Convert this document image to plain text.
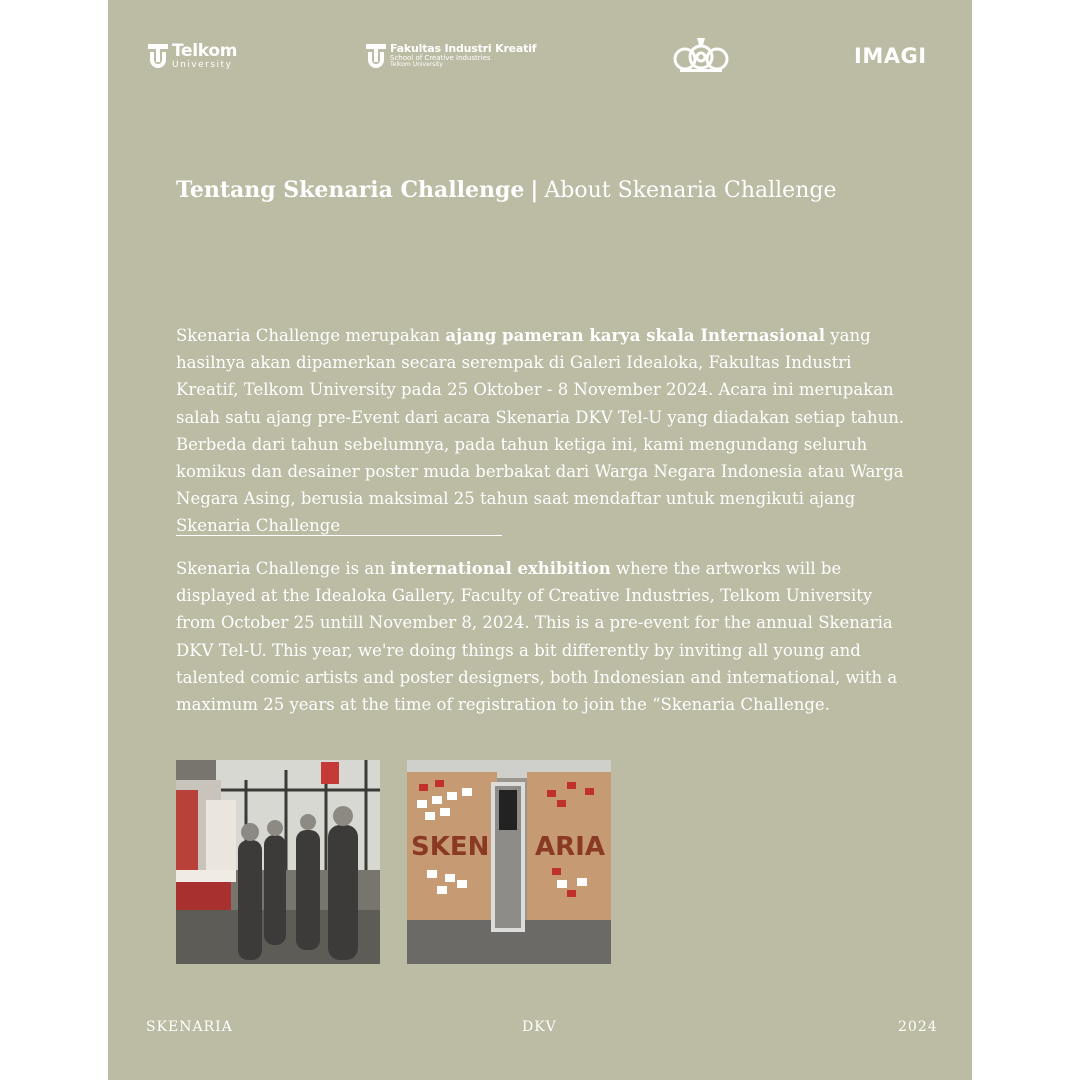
Telkom
University
Fakultas Industri Kreatif
School of Creative Industries
Telkom University	IMAGI
Tentang Skenaria Challenge | About Skenaria Challenge

Skenaria Challenge merupakan ajang pameran karya skala Internasional yang hasilnya akan dipamerkan secara serempak di Galeri Idealoka, Fakultas Industri Kreatif, Telkom University pada 25 Oktober - 8 November 2024. Acara ini merupakan salah satu ajang pre-Event dari acara Skenaria DKV Tel-U yang diadakan setiap tahun. Berbeda dari tahun sebelumnya, pada tahun ketiga ini, kami mengundang seluruh komikus dan desainer poster muda berbakat dari Warga Negara Indonesia atau Warga Negara Asing, berusia maksimal 25 tahun saat mendaftar untuk mengikuti ajang Skenaria Challenge

Skenaria Challenge is an international exhibition where the artworks will be displayed at the Idealoka Gallery, Faculty of Creative Industries, Telkom University from October 25 untill November 8, 2024. This is a pre-event for the annual Skenaria DKV Tel-U. This year, we're doing things a bit differently by inviting all young and talented comic artists and poster designers, both Indonesian and international, with a maximum 25 years at the time of registration to join the “Skenaria Challenge.

SKEN ARIA
SKENARIA	DKV	2024
